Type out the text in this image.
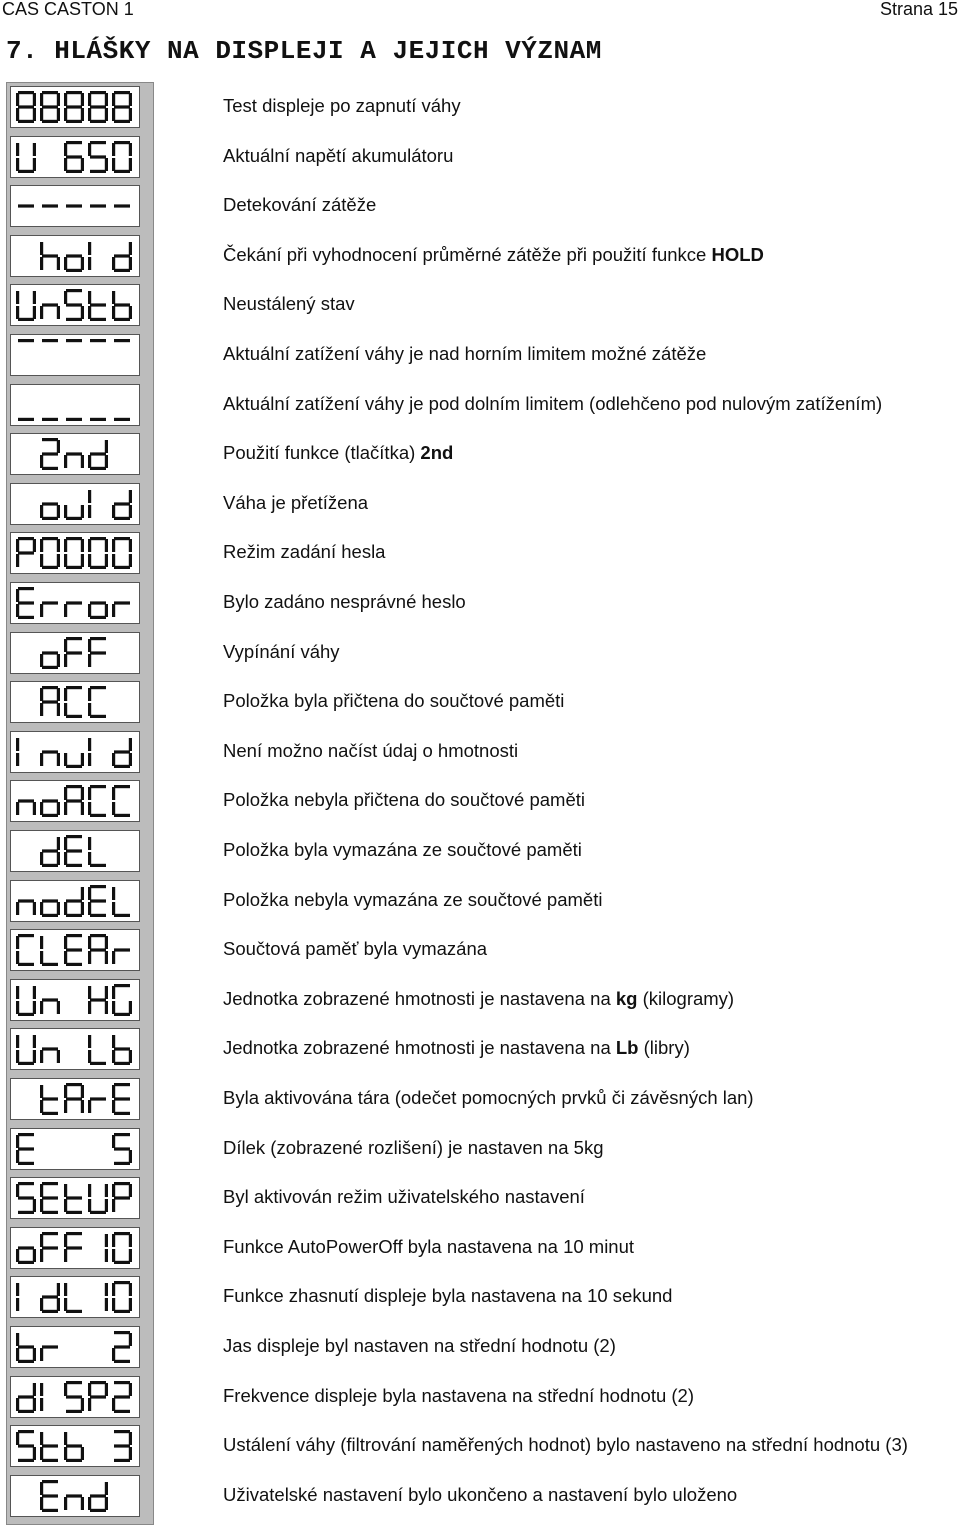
CAS CASTON 1	Strana 15
7. HLÁŠKY NA DISPLEJI A JEJICH VÝZNAM
Test displeje po zapnutí váhy
Aktuální napětí akumulátoru
Detekování zátěže
Čekání při vyhodnocení průměrné zátěže při použití funkce HOLD
Neustálený stav
Aktuální zatížení váhy je nad horním limitem možné zátěže
Aktuální zatížení váhy je pod dolním limitem (odlehčeno pod nulovým zatížením)
Použití funkce (tlačítka) 2nd
Váha je přetížena
Režim zadání hesla
Bylo zadáno nesprávné heslo
Vypínání váhy
Položka byla přičtena do součtové paměti
Není možno načíst údaj o hmotnosti
Položka nebyla přičtena do součtové paměti
Položka byla vymazána ze součtové paměti
Položka nebyla vymazána ze součtové paměti
Součtová paměť byla vymazána
Jednotka zobrazené hmotnosti je nastavena na kg (kilogramy)
Jednotka zobrazené hmotnosti je nastavena na Lb (libry)
Byla aktivována tára (odečet pomocných prvků či závěsných lan)
Dílek (zobrazené rozlišení) je nastaven na 5kg
Byl aktivován režim uživatelského nastavení
Funkce AutoPowerOff byla nastavena na 10 minut
Funkce zhasnutí displeje byla nastavena na 10 sekund
Jas displeje byl nastaven na střední hodnotu (2)
Frekvence displeje byla nastavena na střední hodnotu (2)
Ustálení váhy (filtrování naměřených hodnot) bylo nastaveno na střední hodnotu (3)
Uživatelské nastavení bylo ukončeno a nastavení bylo uloženo
